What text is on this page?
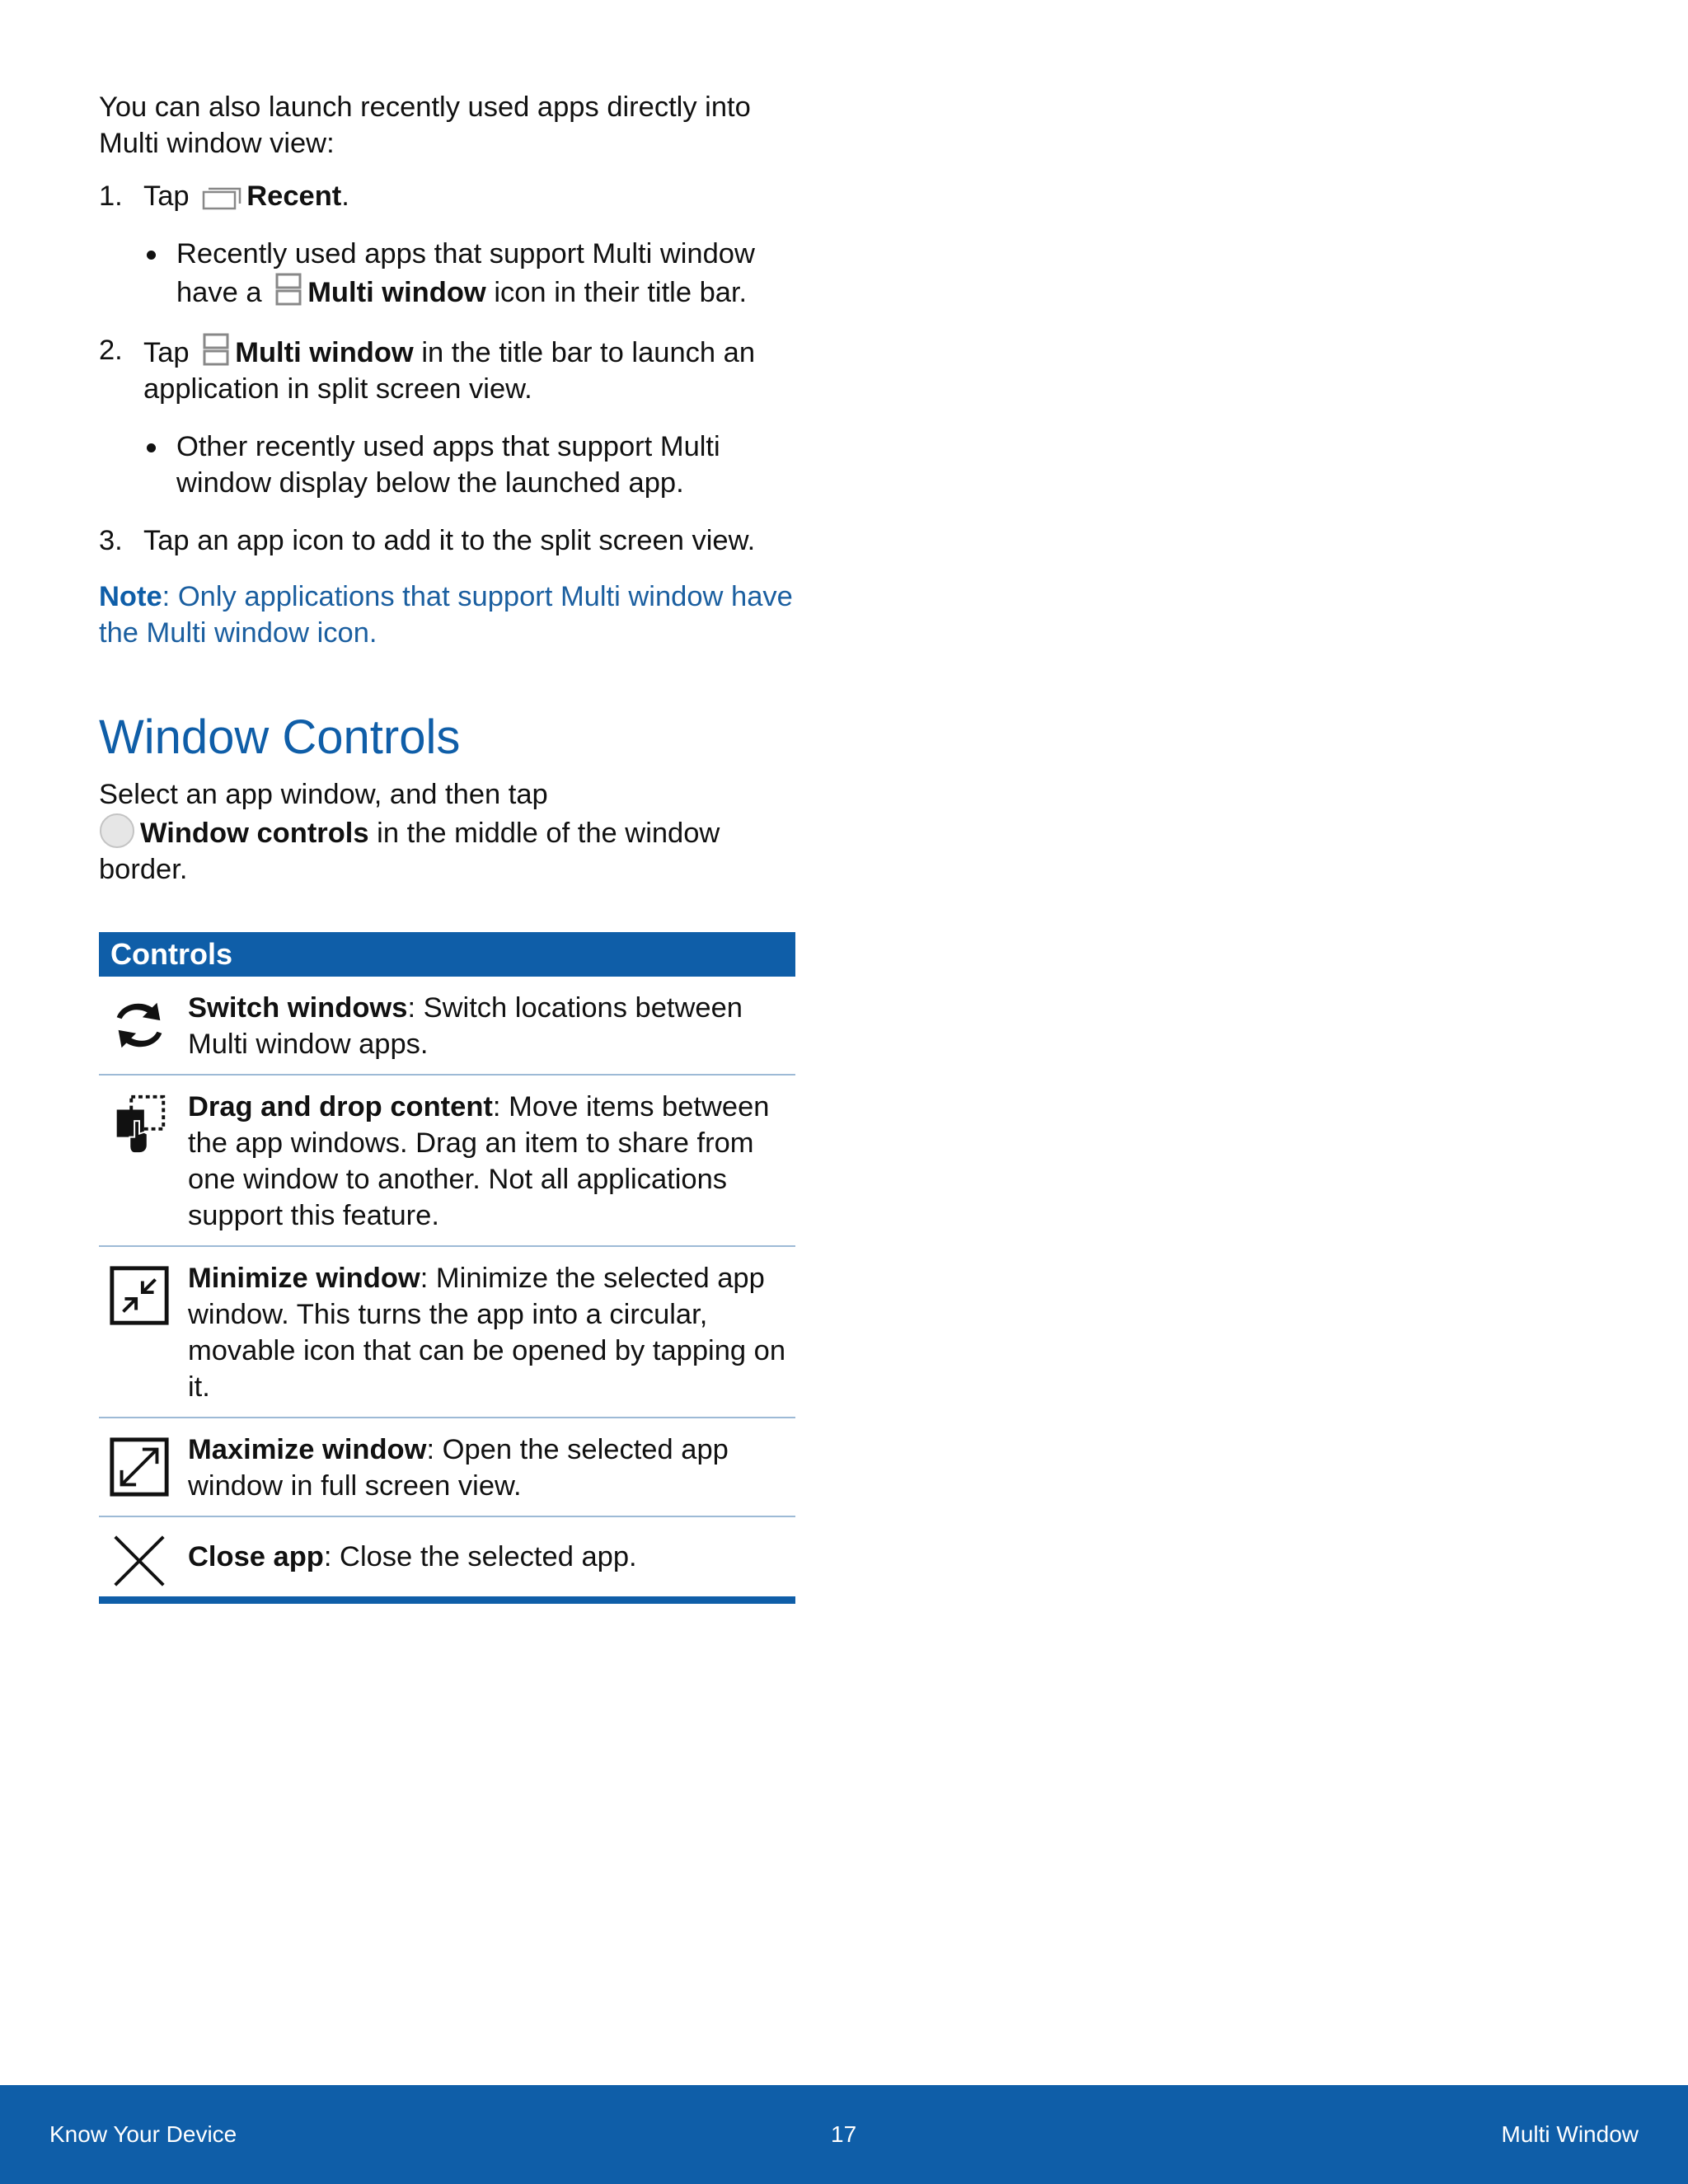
You can also launch recently used apps directly into Multi window view:

1. Tap Recent.
Recently used apps that support Multi window have a Multi window icon in their title bar.
2. Tap Multi window in the title bar to launch an application in split screen view.
Other recently used apps that support Multi window display below the launched app.
3. Tap an app icon to add it to the split screen view.
Note: Only applications that support Multi window have the Multi window icon.
Window Controls

Select an app window, and then tap
Window controls in the middle of the window border.

Controls
Switch windows: Switch locations between Multi window apps.
Drag and drop content: Move items between the app windows. Drag an item to share from one window to another. Not all applications support this feature.
Minimize window: Minimize the selected app window. This turns the app into a circular, movable icon that can be opened by tapping on it.
Maximize window: Open the selected app window in full screen view.
Close app: Close the selected app.
Know Your Device	17	Multi Window
